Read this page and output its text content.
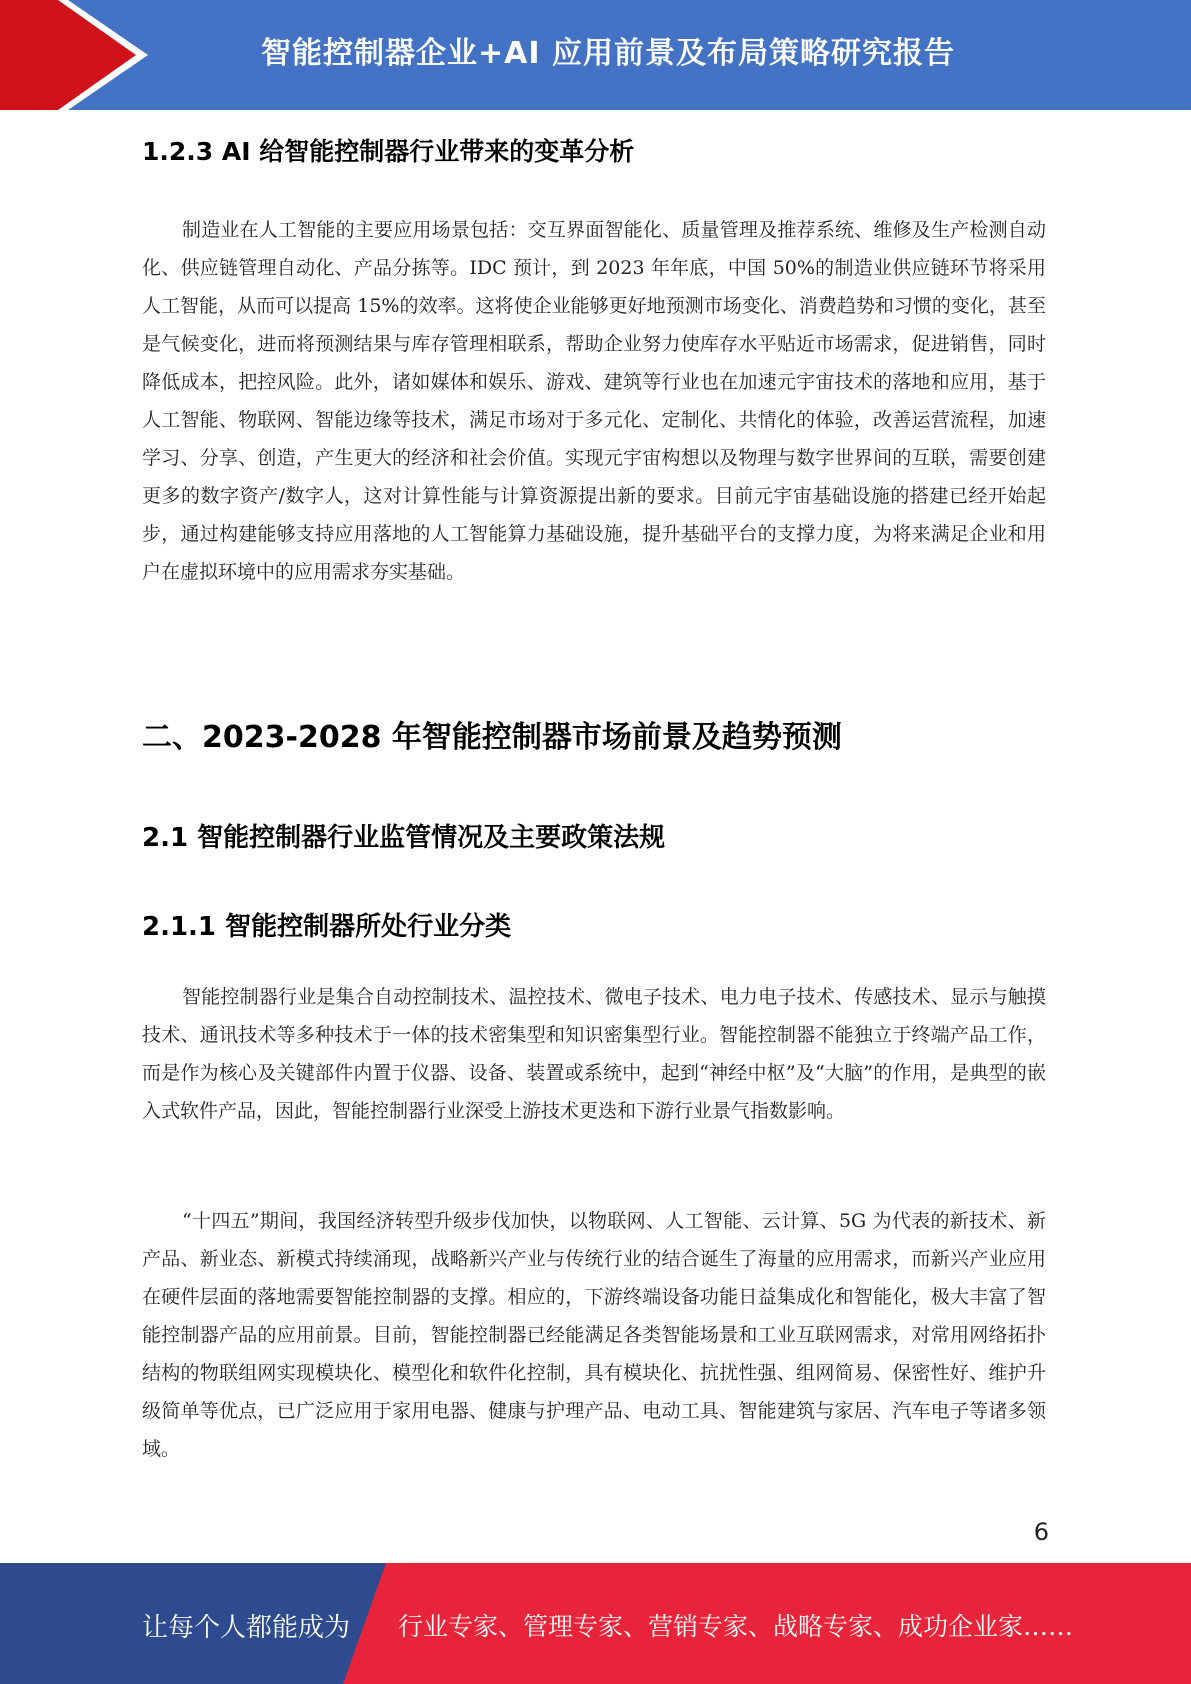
智能控制器企业+AI 应用前景及布局策略研究报告
1.2.3 AI 给智能控制器行业带来的变革分析

制造业在人工智能的主要应用场景包括：交互界面智能化、质量管理及推荐系统、维修及生产检测自动化、供应链管理自动化、产品分拣等。IDC 预计，到 2023 年年底，中国 50%的制造业供应链环节将采用人工智能，从而可以提高 15%的效率。这将使企业能够更好地预测市场变化、消费趋势和习惯的变化，甚至是气候变化，进而将预测结果与库存管理相联系，帮助企业努力使库存水平贴近市场需求，促进销售，同时降低成本，把控风险。此外，诸如媒体和娱乐、游戏、建筑等行业也在加速元宇宙技术的落地和应用，基于人工智能、物联网、智能边缘等技术，满足市场对于多元化、定制化、共情化的体验，改善运营流程，加速学习、分享、创造，产生更大的经济和社会价值。实现元宇宙构想以及物理与数字世界间的互联，需要创建更多的数字资产/数字人，这对计算性能与计算资源提出新的要求。目前元宇宙基础设施的搭建已经开始起步，通过构建能够支持应用落地的人工智能算力基础设施，提升基础平台的支撑力度，为将来满足企业和用户在虚拟环境中的应用需求夯实基础。

二、2023-2028 年智能控制器市场前景及趋势预测
2.1 智能控制器行业监管情况及主要政策法规
2.1.1 智能控制器所处行业分类

智能控制器行业是集合自动控制技术、温控技术、微电子技术、电力电子技术、传感技术、显示与触摸技术、通讯技术等多种技术于一体的技术密集型和知识密集型行业。智能控制器不能独立于终端产品工作，而是作为核心及关键部件内置于仪器、设备、装置或系统中，起到“神经中枢”及“大脑”的作用，是典型的嵌入式软件产品，因此，智能控制器行业深受上游技术更迭和下游行业景气指数影响。

“十四五”期间，我国经济转型升级步伐加快，以物联网、人工智能、云计算、5G 为代表的新技术、新产品、新业态、新模式持续涌现，战略新兴产业与传统行业的结合诞生了海量的应用需求，而新兴产业应用在硬件层面的落地需要智能控制器的支撑。相应的，下游终端设备功能日益集成化和智能化，极大丰富了智能控制器产品的应用前景。目前，智能控制器已经能满足各类智能场景和工业互联网需求，对常用网络拓扑结构的物联组网实现模块化、模型化和软件化控制，具有模块化、抗扰性强、组网简易、保密性好、维护升级简单等优点，已广泛应用于家用电器、健康与护理产品、电动工具、智能建筑与家居、汽车电子等诸多领域。

6
让每个人都能成为 行业专家、管理专家、营销专家、战略专家、成功企业家……
